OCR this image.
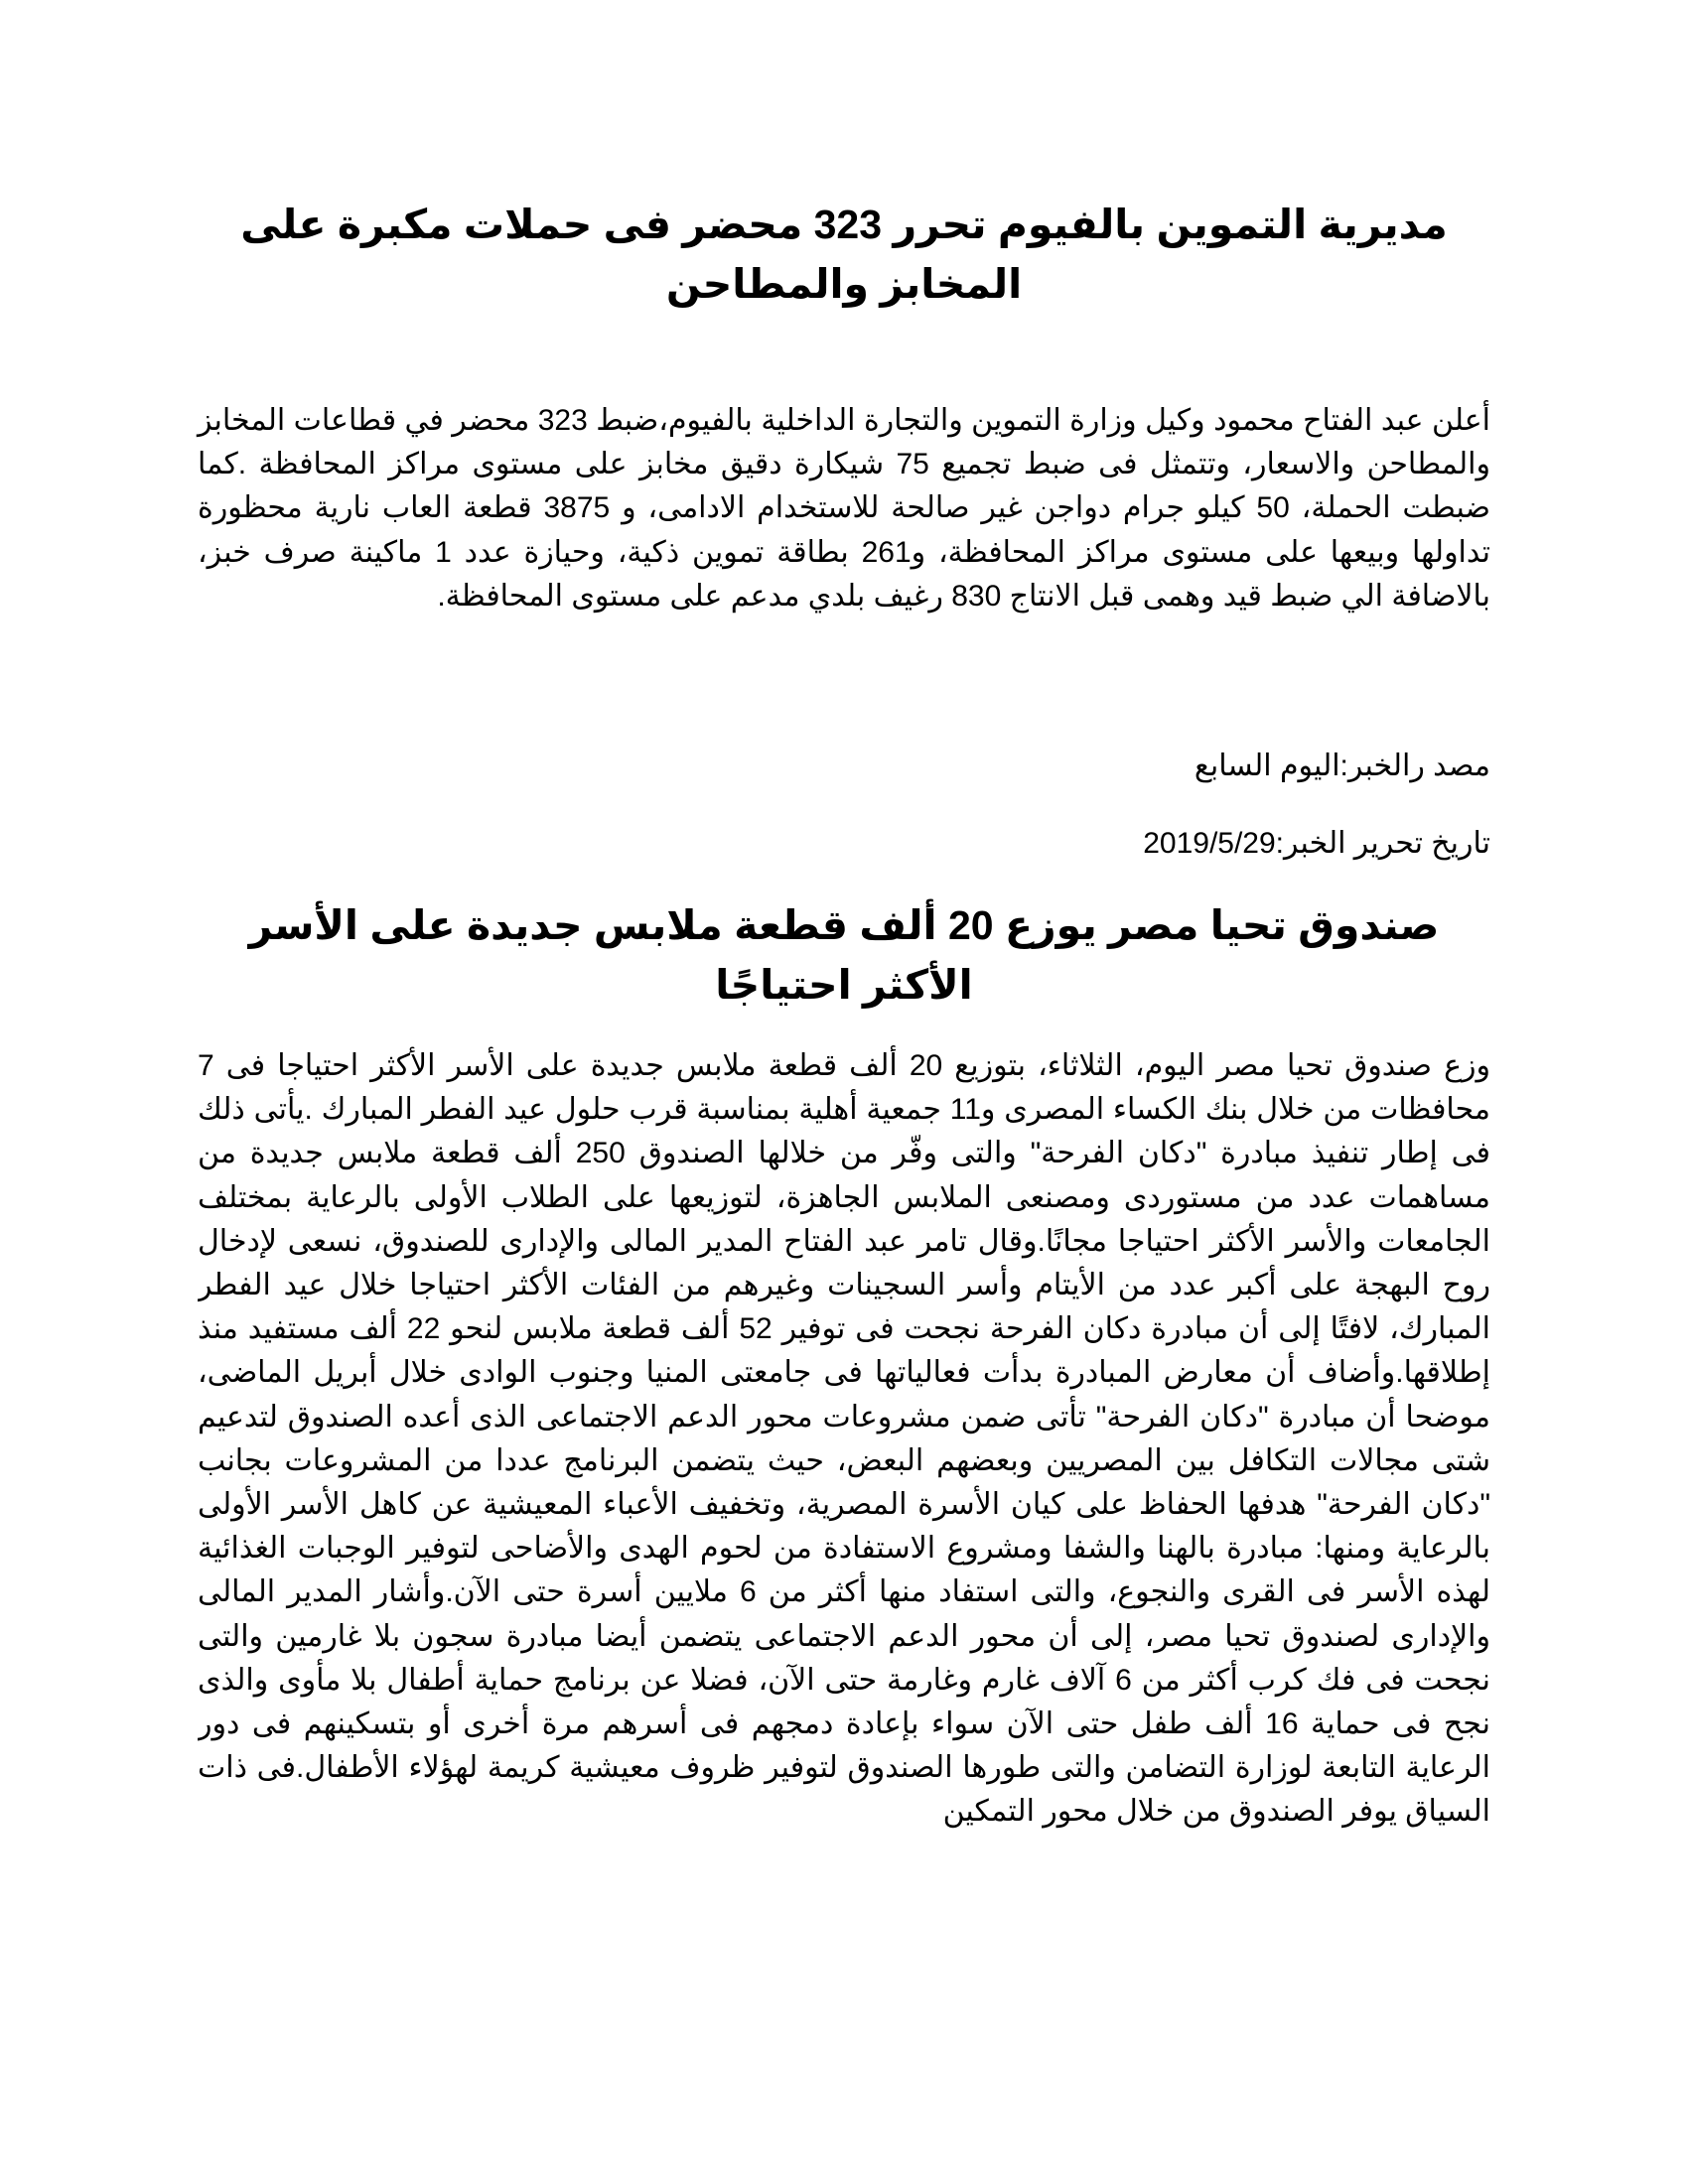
مديرية التموين بالفيوم تحرر 323 محضر فى حملات مكبرة على المخابز والمطاحن

أعلن عبد الفتاح محمود وكيل وزارة التموين والتجارة الداخلية بالفيوم،ضبط 323 محضر في قطاعات المخابز والمطاحن والاسعار، وتتمثل فى ضبط تجميع 75 شيكارة دقيق مخابز على مستوى مراكز المحافظة .كما ضبطت الحملة، 50 كيلو جرام دواجن غير صالحة للاستخدام الادامى، و 3875 قطعة العاب نارية محظورة تداولها وبيعها على مستوى مراكز المحافظة، و261 بطاقة تموين ذكية، وحيازة عدد 1 ماكينة صرف خبز، بالاضافة الي ضبط قيد وهمى قبل الانتاج 830 رغيف بلدي مدعم على مستوى المحافظة.

مصد رالخبر:اليوم السابع

تاريخ تحرير الخبر:2019/5/29

صندوق تحيا مصر يوزع 20 ألف قطعة ملابس جديدة على الأسر الأكثر احتياجًا

وزع صندوق تحيا مصر اليوم، الثلاثاء، بتوزيع 20 ألف قطعة ملابس جديدة على الأسر الأكثر احتياجا فى 7 محافظات من خلال بنك الكساء المصرى و11 جمعية أهلية بمناسبة قرب حلول عيد الفطر المبارك .يأتى ذلك فى إطار تنفيذ مبادرة "دكان الفرحة" والتى وفّر من خلالها الصندوق 250 ألف قطعة ملابس جديدة من مساهمات عدد من مستوردى ومصنعى الملابس الجاهزة، لتوزيعها على الطلاب الأولى بالرعاية بمختلف الجامعات والأسر الأكثر احتياجا مجانًا.وقال تامر عبد الفتاح المدير المالى والإدارى للصندوق، نسعى لإدخال روح البهجة على أكبر عدد من الأيتام وأسر السجينات وغيرهم من الفئات الأكثر احتياجا خلال عيد الفطر المبارك، لافتًا إلى أن مبادرة دكان الفرحة نجحت فى توفير 52 ألف قطعة ملابس لنحو 22 ألف مستفيد منذ إطلاقها.وأضاف أن معارض المبادرة بدأت فعالياتها فى جامعتى المنيا وجنوب الوادى خلال أبريل الماضى، موضحا أن مبادرة "دكان الفرحة" تأتى ضمن مشروعات محور الدعم الاجتماعى الذى أعده الصندوق لتدعيم شتى مجالات التكافل بين المصريين وبعضهم البعض، حيث يتضمن البرنامج عددا من المشروعات بجانب "دكان الفرحة" هدفها الحفاظ على كيان الأسرة المصرية، وتخفيف الأعباء المعيشية عن كاهل الأسر الأولى بالرعاية ومنها: مبادرة بالهنا والشفا ومشروع الاستفادة من لحوم الهدى والأضاحى لتوفير الوجبات الغذائية لهذه الأسر فى القرى والنجوع، والتى استفاد منها أكثر من 6 ملايين أسرة حتى الآن.وأشار المدير المالى والإدارى لصندوق تحيا مصر، إلى أن محور الدعم الاجتماعى يتضمن أيضا مبادرة سجون بلا غارمين والتى نجحت فى فك كرب أكثر من 6 آلاف غارم وغارمة حتى الآن، فضلا عن برنامج حماية أطفال بلا مأوى والذى نجح فى حماية 16 ألف طفل حتى الآن سواء بإعادة دمجهم فى أسرهم مرة أخرى أو بتسكينهم فى دور الرعاية التابعة لوزارة التضامن والتى طورها الصندوق لتوفير ظروف معيشية كريمة لهؤلاء الأطفال.فى ذات السياق يوفر الصندوق من خلال محور التمكين
